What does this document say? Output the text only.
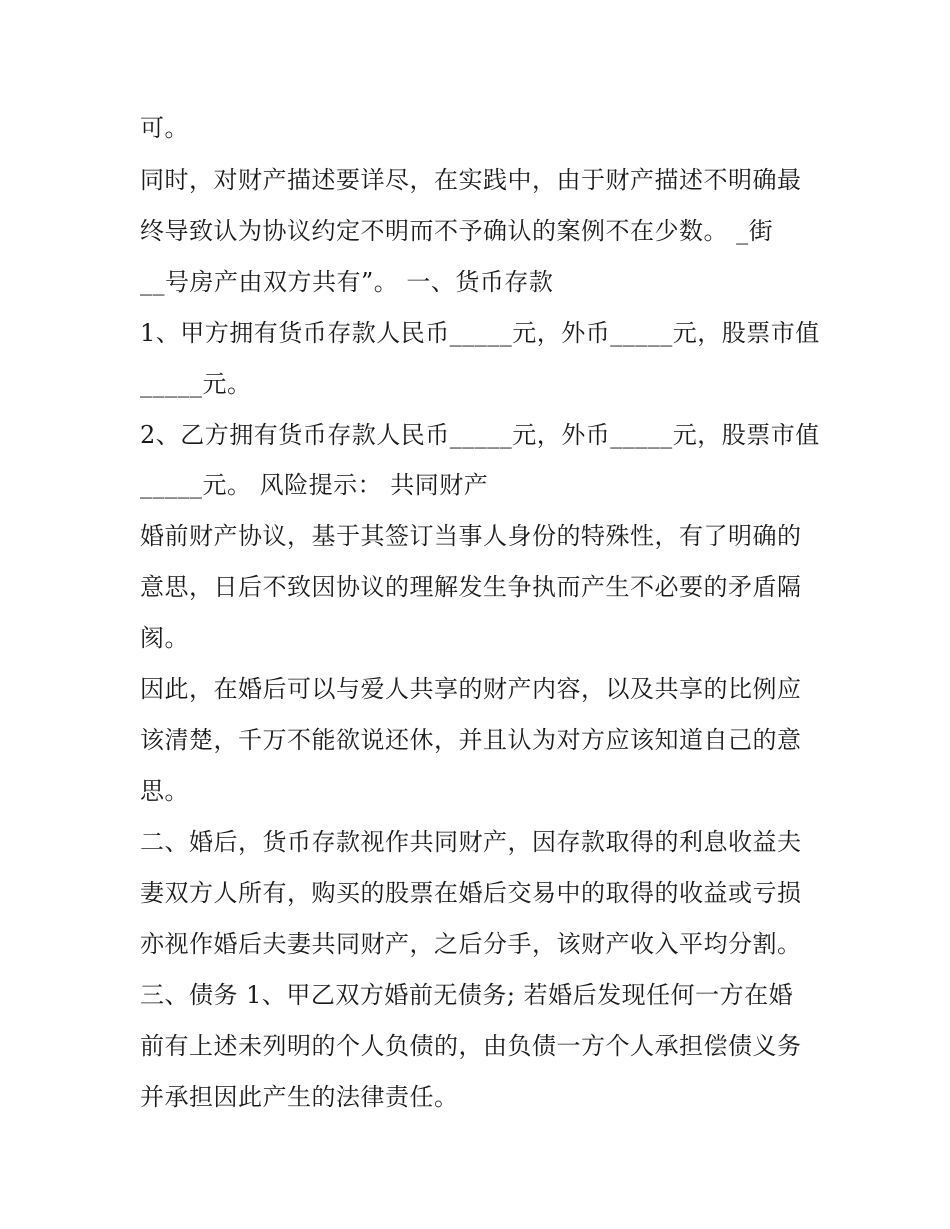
可。
同时，对财产描述要详尽，在实践中，由于财产描述不明确最
终导致认为协议约定不明而不予确认的案例不在少数。 _街
__号房产由双方共有”。 一、货币存款
1、甲方拥有货币存款人民币_____元，外币_____元，股票市值
_____元。
2、乙方拥有货币存款人民币_____元，外币_____元，股票市值
_____元。 风险提示： 共同财产
婚前财产协议，基于其签订当事人身份的特殊性，有了明确的
意思，日后不致因协议的理解发生争执而产生不必要的矛盾隔
阂。
因此，在婚后可以与爱人共享的财产内容，以及共享的比例应
该清楚，千万不能欲说还休，并且认为对方应该知道自己的意
思。
二、婚后，货币存款视作共同财产，因存款取得的利息收益夫
妻双方人所有，购买的股票在婚后交易中的取得的收益或亏损
亦视作婚后夫妻共同财产，之后分手，该财产收入平均分割。
三、债务 1、甲乙双方婚前无债务; 若婚后发现任何一方在婚
前有上述未列明的个人负债的，由负债一方个人承担偿债义务
并承担因此产生的法律责任。
